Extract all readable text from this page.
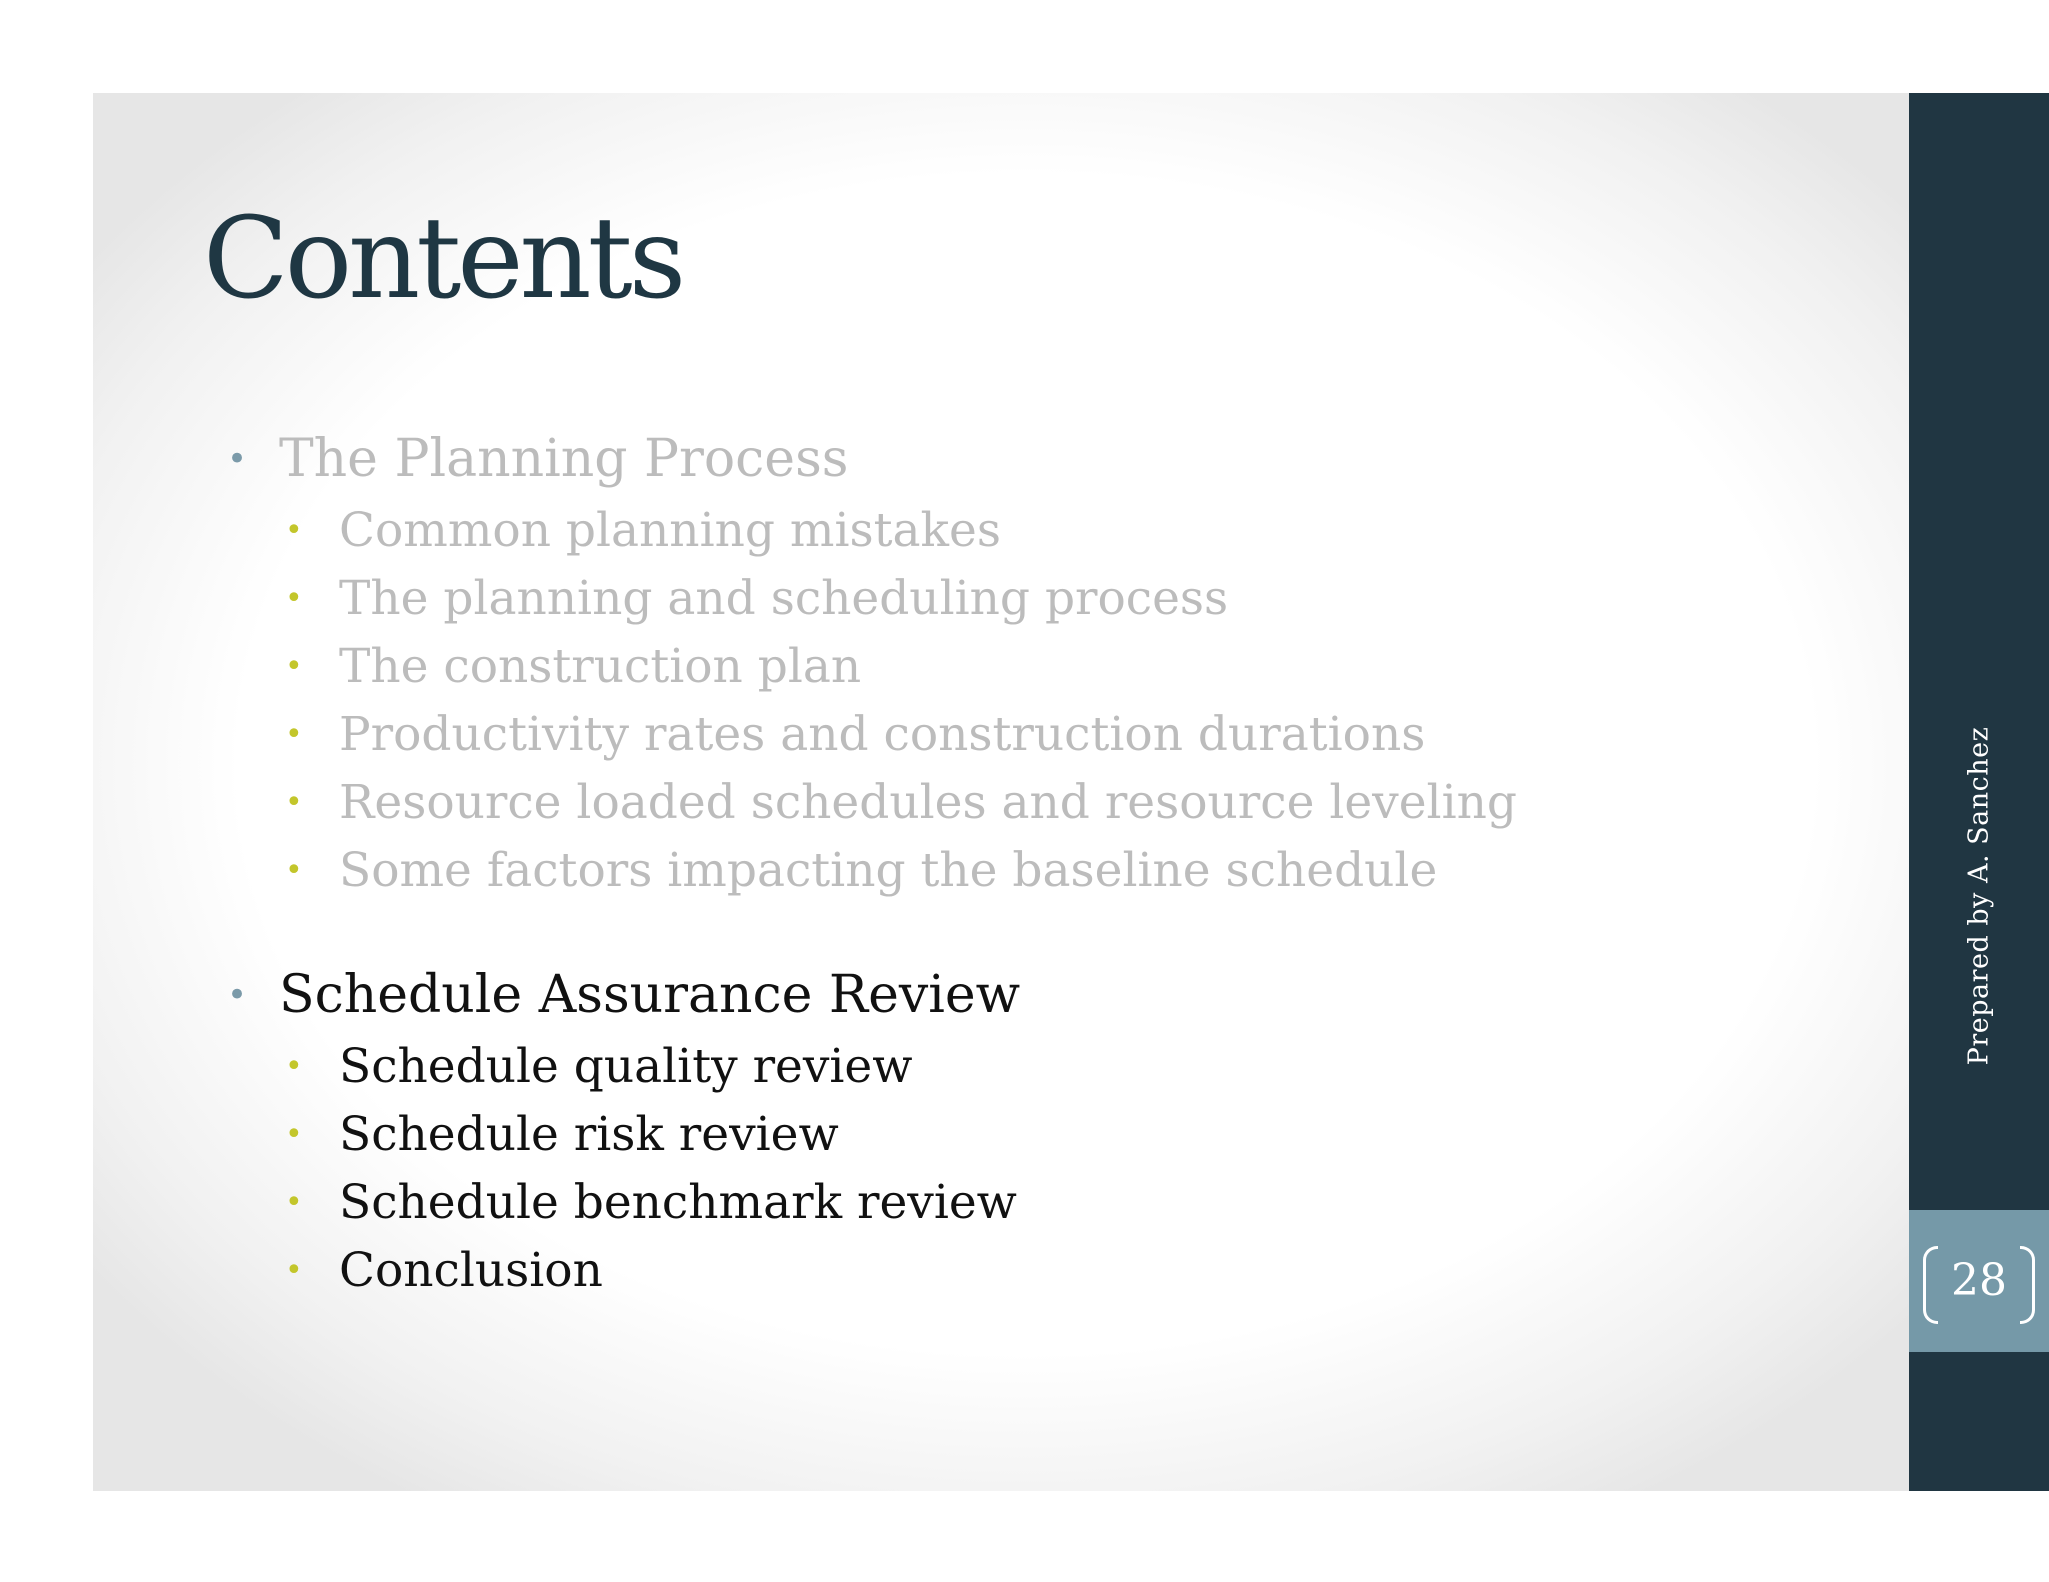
Contents
• The Planning Process
• Common planning mistakes
• The planning and scheduling process
• The construction plan
• Productivity rates and construction durations
• Resource loaded schedules and resource leveling
• Some factors impacting the baseline schedule
• Schedule Assurance Review
• Schedule quality review
• Schedule risk review
• Schedule benchmark review
• Conclusion
Prepared by A. Sanchez
28
